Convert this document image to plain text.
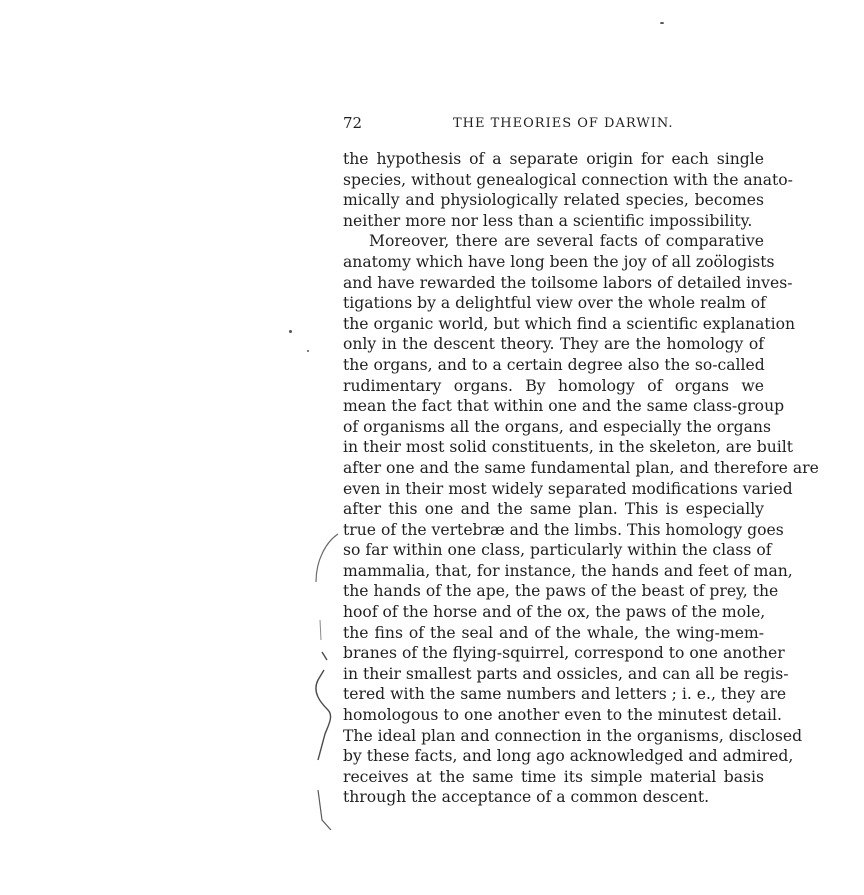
72	THE THEORIES OF DARWIN.
the hypothesis of a separate origin for each single
species, without genealogical connection with the anato-
mically and physiologically related species, becomes
neither more nor less than a scientific impossibility.
Moreover, there are several facts of comparative
anatomy which have long been the joy of all zoölogists
and have rewarded the toilsome labors of detailed inves-
tigations by a delightful view over the whole realm of
the organic world, but which find a scientific explanation
only in the descent theory. They are the homology of
the organs, and to a certain degree also the so-called
rudimentary organs. By homology of organs we
mean the fact that within one and the same class-group
of organisms all the organs, and especially the organs
in their most solid constituents, in the skeleton, are built
after one and the same fundamental plan, and therefore are
even in their most widely separated modifications varied
after this one and the same plan. This is especially
true of the vertebræ and the limbs. This homology goes
so far within one class, particularly within the class of
mammalia, that, for instance, the hands and feet of man,
the hands of the ape, the paws of the beast of prey, the
hoof of the horse and of the ox, the paws of the mole,
the fins of the seal and of the whale, the wing-mem-
branes of the flying-squirrel, correspond to one another
in their smallest parts and ossicles, and can all be regis-
tered with the same numbers and letters ; i. e., they are
homologous to one another even to the minutest detail.
The ideal plan and connection in the organisms, disclosed
by these facts, and long ago acknowledged and admired,
receives at the same time its simple material basis
through the acceptance of a common descent.
